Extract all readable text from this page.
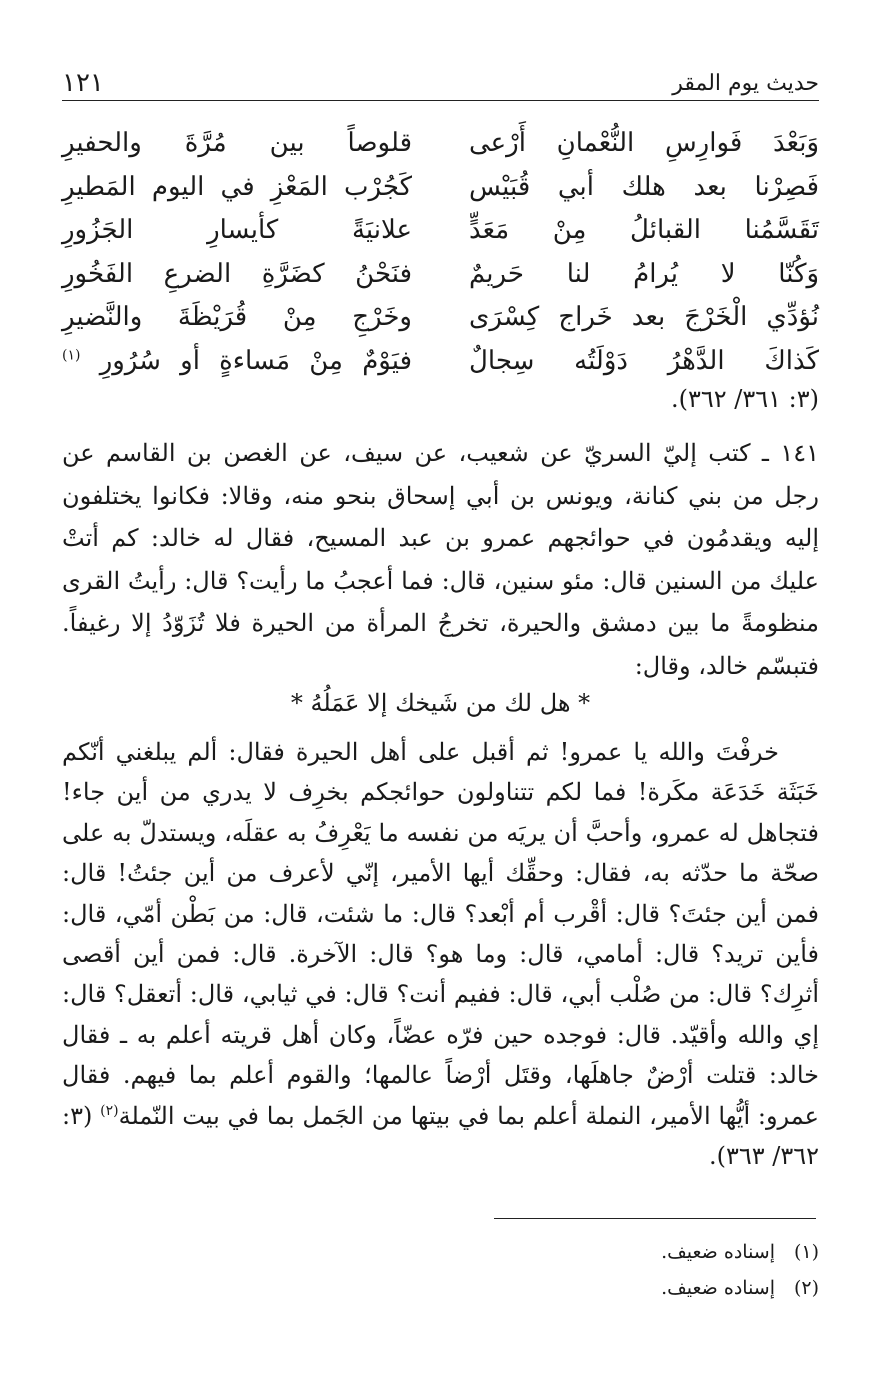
حديث يوم المقر
١٢١
وَبَعْدَ فَوارِسِ النُّعْمانِ أَرْعى
فَصِرْنا بعد هلك أبي قُبَيْس
تَقَسَّمُنا القبائلُ مِنْ مَعَدٍّ
وَكُنّا لا يُرامُ لنا حَريمٌ
نُؤدِّي الْخَرْجَ بعد خَراج كِسْرَى
كَذاكَ الدَّهْرُ دَوْلَتُه سِجالٌ
قلوصاً بين مُرَّةَ والحفيرِ
كَجُرْب المَعْزِ في اليوم المَطيرِ
علانيَةً كأيسارِ الجَزُورِ
فنَحْنُ كضَرَّةِ الضرعِ الفَخُورِ
وخَرْجِ مِنْ قُرَيْظَةَ والنَّضيرِ
فيَوْمٌ مِنْ مَساءةٍ أو سُرُورِ $^{(١)}$
(٣: ٣٦١/ ٣٦٢).

١٤١ ـ كتب إليّ السريّ عن شعيب، عن سيف، عن الغصن بن القاسم عن رجل من بني كنانة، ويونس بن أبي إسحاق بنحو منه، وقالا: فكانوا يختلفون إليه ويقدمُون في حوائجهم عمرو بن عبد المسيح، فقال له خالد: كم أتتْ عليك من السنين قال: مئو سنين، قال: فما أعجبُ ما رأيت؟ قال: رأيتُ القرى منظومةً ما بين دمشق والحيرة، تخرجُ المرأة من الحيرة فلا تُزَوّدُ إلا رغيفاً. فتبسّم خالد، وقال:

* هل لك من شَيخك إلا عَمَلُهُ *

خرفْتَ والله يا عمرو! ثم أقبل على أهل الحيرة فقال: ألم يبلغني أنّكم خَبَثَة خَدَعَة مكَرة! فما لكم تتناولون حوائجكم بخرِف لا يدري من أين جاء! فتجاهل له عمرو، وأحبَّ أن يريَه من نفسه ما يَعْرِفُ به عقلَه، ويستدلّ به على صحّة ما حدّثه به، فقال: وحقِّك أيها الأمير، إنّي لأعرف من أين جئتُ! قال: فمن أين جئتَ؟ قال: أقْرب أم أبْعد؟ قال: ما شئت، قال: من بَطْن أمّي، قال: فأين تريد؟ قال: أمامي، قال: وما هو؟ قال: الآخرة. قال: فمن أين أقصى أثرِك؟ قال: من صُلْب أبي، قال: ففيم أنت؟ قال: في ثيابي، قال: أتعقل؟ قال: إي والله وأقيّد. قال: فوجده حين فرّه عضّاً، وكان أهل قريته أعلم به ـ فقال خالد: قتلت أرْضٌ جاهلَها، وقتَل أرْضاً عالمها؛ والقوم أعلم بما فيهم. فقال عمرو: أيُّها الأمير، النملة أعلم بما في بيتها من الجَمل بما في بيت النّملة$^{(٢)}$ (٣: ٣٦٢/ ٣٦٣).

(١)
إسناده ضعيف.
(٢)
إسناده ضعيف.
